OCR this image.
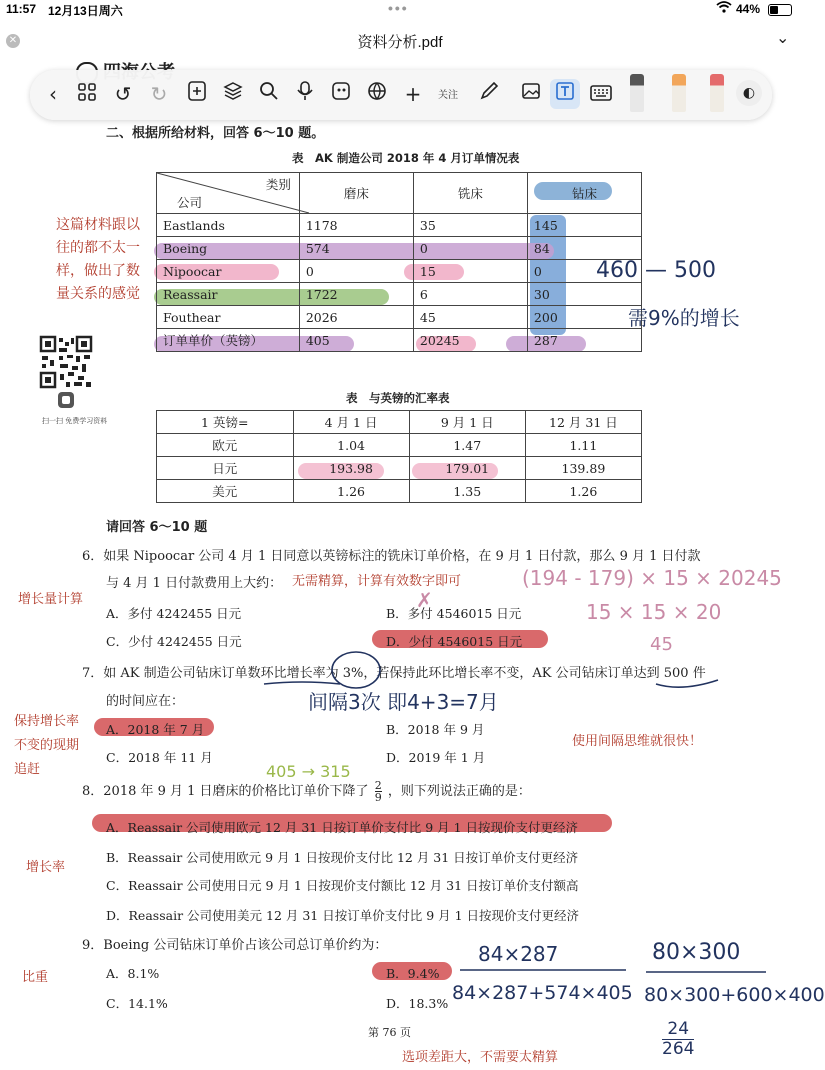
11:57 12月13日周六	•••	44%
✕	资料分析.pdf	⌄
‹	↺ ↻	+	关注	◐
二、根据所给材料，回答 6～10 题。
表　AK 制造公司 2018 年 4 月订单情况表
类别
公司	磨床	铣床	钻床
Eastlands	1178	35	145
Boeing	574	0	84
Nipoocar	0	15	0
Reassair	1722	6	30
Fouthear	2026	45	200
订单单价（英镑）	405	20245	287
扫一扫 免费学习资料
这篇材料跟以
往的都不太一
样，做出了数
量关系的感觉
460 — 500
需9%的增长
表　与英镑的汇率表
1 英镑=	4 月 1 日	9 月 1 日	12 月 31 日
欧元	1.04	1.47	1.11
日元	193.98	179.01	139.89
美元	1.26	1.35	1.26
请回答 6～10 题
6．如果 Nipoocar 公司 4 月 1 日同意以英镑标注的铣床订单价格，在 9 月 1 日付款，那么 9 月 1 日付款
与 4 月 1 日付款费用上大约： 无需精算，计算有效数字即可	(194 - 179) × 15 × 20245
增长量计算
A．多付 4242455 日元	B．多付 4546015 日元
✗	15 × 15 × 20
C．少付 4242455 日元	D．少付 4546015 日元	45
7．如 AK 制造公司钻床订单数环比增长率为 3%，若保持此环比增长率不变，AK 公司钻床订单达到 500 件
的时间应在：	间隔3次 即4+3=7月
保持增长率
不变的现期
追赶
A．2018 年 7 月	B．2018 年 9 月
使用间隔思维就很快！
C．2018 年 11 月	D．2019 年 1 月
405 → 315
8．2018 年 9 月 1 日磨床的价格比订单价下降了 $\frac{2}{9}$ ，则下列说法正确的是：
A．Reassair 公司使用欧元 12 月 31 日按订单价支付比 9 月 1 日按现价支付更经济
B．Reassair 公司使用欧元 9 月 1 日按现价支付比 12 月 31 日按订单价支付更经济
增长率
C．Reassair 公司使用日元 9 月 1 日按现价支付额比 12 月 31 日按订单价支付额高
D．Reassair 公司使用美元 12 月 31 日按订单价支付比 9 月 1 日按现价支付更经济
9．Boeing 公司钻床订单价占该公司总订单价约为：	84×287	80×300
比重	A．8.1%	B．9.4%
84×287+574×405 80×300+600×400
C．14.1%	D．18.3%
$\frac{24}{264}$
第 76 页
选项差距大，不需要太精算
